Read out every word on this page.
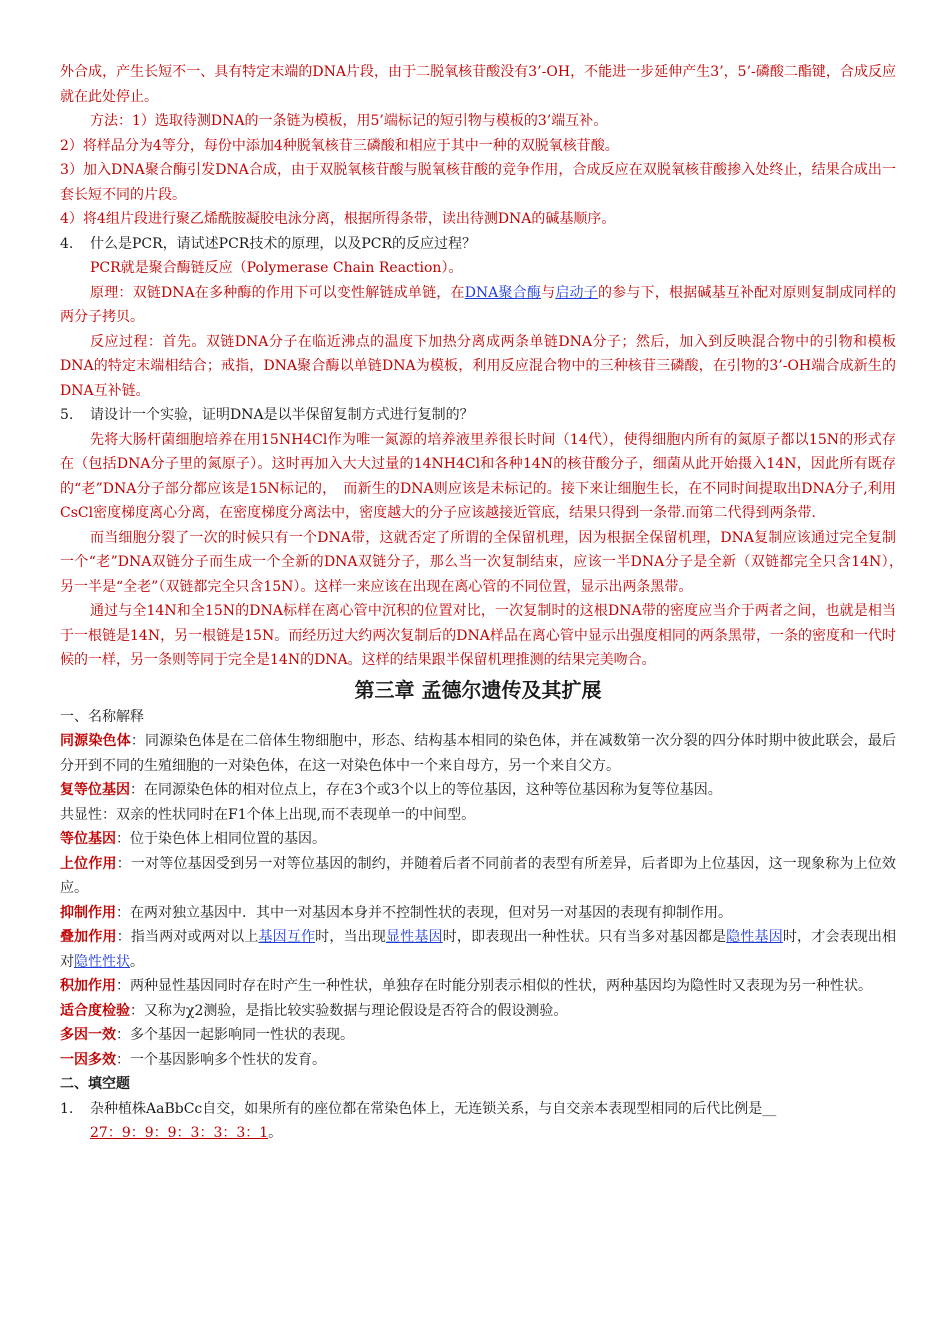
外合成，产生长短不一、具有特定末端的DNA片段，由于二脱氧核苷酸没有3’-OH，不能进一步延伸产生3’，5’-磷酸二酯键，合成反应就在此处停止。

方法：1）选取待测DNA的一条链为模板，用5’端标记的短引物与模板的3’端互补。

2）将样品分为4等分，每份中添加4种脱氧核苷三磷酸和相应于其中一种的双脱氧核苷酸。

3）加入DNA聚合酶引发DNA合成，由于双脱氧核苷酸与脱氧核苷酸的竞争作用，合成反应在双脱氧核苷酸掺入处终止，结果合成出一套长短不同的片段。

4）将4组片段进行聚乙烯酰胺凝胶电泳分离，根据所得条带，读出待测DNA的碱基顺序。

4. 什么是PCR，请试述PCR技术的原理，以及PCR的反应过程？

PCR就是聚合酶链反应（Polymerase Chain Reaction）。

原理：双链DNA在多种酶的作用下可以变性解链成单链，在DNA聚合酶与启动子的参与下，根据碱基互补配对原则复制成同样的两分子拷贝。

反应过程：首先。双链DNA分子在临近沸点的温度下加热分离成两条单链DNA分子；然后，加入到反映混合物中的引物和模板DNA的特定末端相结合；戒指，DNA聚合酶以单链DNA为模板，利用反应混合物中的三种核苷三磷酸，在引物的3’-OH端合成新生的DNA互补链。

5. 请设计一个实验，证明DNA是以半保留复制方式进行复制的？

先将大肠杆菌细胞培养在用15NH4Cl作为唯一氮源的培养液里养很长时间（14代），使得细胞内所有的氮原子都以15N的形式存在（包括DNA分子里的氮原子）。这时再加入大大过量的14NH4Cl和各种14N的核苷酸分子，细菌从此开始摄入14N，因此所有既存的“老”DNA分子部分都应该是15N标记的，　而新生的DNA则应该是未标记的。接下来让细胞生长，在不同时间提取出DNA分子,利用CsCl密度梯度离心分离，在密度梯度分离法中，密度越大的分子应该越接近管底，结果只得到一条带.而第二代得到两条带.

而当细胞分裂了一次的时候只有一个DNA带，这就否定了所谓的全保留机理，因为根据全保留机理，DNA复制应该通过完全复制一个“老”DNA双链分子而生成一个全新的DNA双链分子，那么当一次复制结束，应该一半DNA分子是全新（双链都完全只含14N），　另一半是“全老”（双链都完全只含15N）。这样一来应该在出现在离心管的不同位置，显示出两条黑带。

通过与全14N和全15N的DNA标样在离心管中沉积的位置对比，一次复制时的这根DNA带的密度应当介于两者之间，也就是相当于一根链是14N，另一根链是15N。而经历过大约两次复制后的DNA样品在离心管中显示出强度相同的两条黑带，一条的密度和一代时候的一样，另一条则等同于完全是14N的DNA。这样的结果跟半保留机理推测的结果完美吻合。

第三章 孟德尔遗传及其扩展

一、名称解释

同源染色体：同源染色体是在二倍体生物细胞中，形态、结构基本相同的染色体，并在减数第一次分裂的四分体时期中彼此联会，最后分开到不同的生殖细胞的一对染色体，在这一对染色体中一个来自母方，另一个来自父方。

复等位基因：在同源染色体的相对位点上，存在3个或3个以上的等位基因，这种等位基因称为复等位基因。

共显性：双亲的性状同时在F1个体上出现,而不表现单一的中间型。

等位基因：位于染色体上相同位置的基因。

上位作用：一对等位基因受到另一对等位基因的制约，并随着后者不同前者的表型有所差异，后者即为上位基因，这一现象称为上位效应。

抑制作用：在两对独立基因中．其中一对基因本身并不控制性状的表现，但对另一对基因的表现有抑制作用。

叠加作用：指当两对或两对以上基因互作时，当出现显性基因时，即表现出一种性状。只有当多对基因都是隐性基因时，才会表现出相对隐性性状。

积加作用：两种显性基因同时存在时产生一种性状，单独存在时能分别表示相似的性状，两种基因均为隐性时又表现为另一种性状。

适合度检验：又称为χ2测验，是指比较实验数据与理论假设是否符合的假设测验。

多因一效：多个基因一起影响同一性状的表现。

一因多效：一个基因影响多个性状的发育。

二、填空题

1. 杂种植株AaBbCc自交，如果所有的座位都在常染色体上，无连锁关系，与自交亲本表现型相同的后代比例是__
27：9：9：9：3：3：3：1。
